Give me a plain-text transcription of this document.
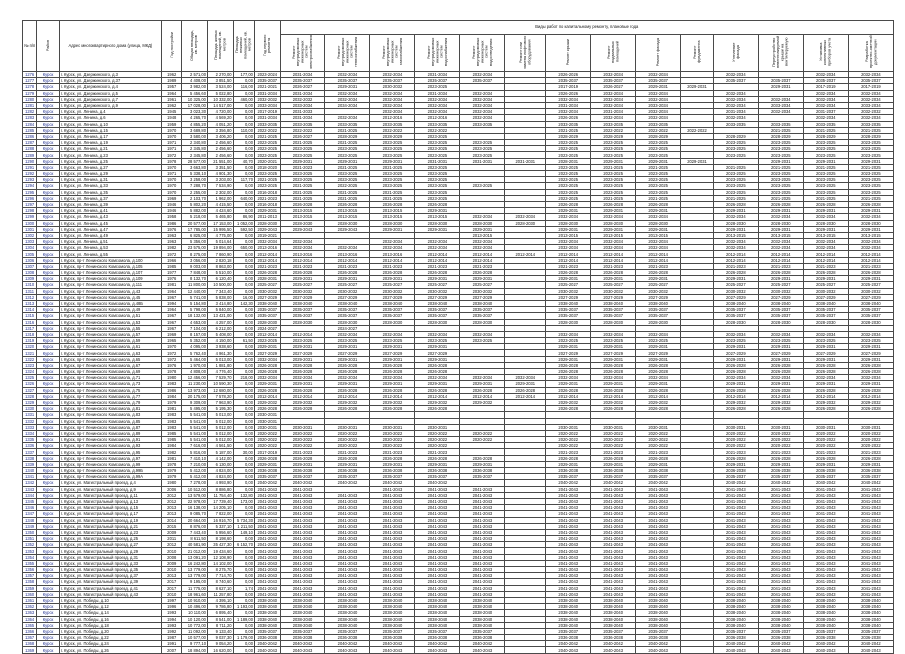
№ п/п	Район	Адрес многоквартирного дома (улица, МКД)	Год постройки	Общая площадь, кв. метров	Площадь жилых помещений, кв. метров	Площадь нежилых помещений, кв. метров	Год первого ремонта	Виды работ по капитальному ремонту, плановые года													
								Ремонт внутридомовых инженерных систем электроснабжения	Ремонт внутридомовых инженерных систем теплоснабжения	Ремонт внутридомовых инженерных систем газоснабжения	Ремонт внутридомовых инженерных систем водоснабжения	Ремонт внутридомовых инженерных систем водоотведения	Ремонт или замена лифтового оборудования	Ремонт крыши	Ремонт подвальных помещений	Ремонт фасада	Ремонт фундамента	Утепление фасада	Переустройство невентилируемой крыши на вентилируемую	Установка коллективных приборов учета	Разработка проектно-сметной документации

1276	Курск	г. Курск, ул. Дзержинского, д.3	1962	2 571,00	2 270,00	177,00	2023-2024	2031-2034	2032-2034	2032-2034	2031-2034	2032-2034		2026-2026	2032-2034	2032-2034		2032-2034		2032-2034	2032-2034
1277	Курск	г. Курск, ул. Дзержинского, д.37	1989	4 408,00	3 851,50	0,00	2035-2037	2035-2037	2035-2037	2035-2037	2035-2037	2035-2037		2035-2037	2035-2037	2035-2037		2035-2037	2035-2037	2035-2037	2035-2037
1278	Курск	г. Курск, ул. Дзержинского, д.4	1957	3 982,00	3 524,00	116,00	2021-2021	2026-2027	2029-2031	2030-2032	2023-2025			2017-2019	2026-2027	2029-2031	2029-2031		2029-2031	2017-2019	2017-2019
1279	Курск	г. Курск, ул. Дзержинского, д.5	1964	5 456,60	5 022,80	0,00	2031-2034	2031-2034	2032-2034	2032-2034	2031-2034	2032-2034		2026-2026	2032-2034	2032-2034		2032-2034		2032-2034	2032-2034
1280	Курск	г. Курск, ул. Дзержинского, д.7	1961	10 325,00	10 332,00	460,00	2032-2032	2032-2032	2032-2034	2032-2034	2032-2034	2032-2034		2032-2034	2032-2034	2032-2034		2032-2034	2032-2034	2032-2034	2032-2034
1281	Курск	г. Курск, ул. Дзержинского, д.9	1962	17 028,00	14 517,00	0,00	2033-2034	2033-2034	2034-2034	2032-2034	2032-2034	2032-2034		2031-2034	2032-2034	2033-2034		2032-2034	2033-2034	2032-2034	2033-2034
1282	Курск	г. Курск, ул. Ленина, д.4	1945	3 023,30	4 720,00	0,00	2017-2019	2031-2033		2032-2034	2032-2034	2032-2034		2032-2034	2031-2034	2032-2034		2031-2034	2032-2034	2031-2037	2032-2032
1283	Курск	г. Курск, ул. Ленина, д.6	1948	4 265,70	4 569,20	0,00	2031-2034	2031-2034	2032-2034	2012-2016	2012-2016	2032-2034		2026-2026	2032-2034	2032-2034		2032-2034		2032-2034	2032-2034
1284	Курск	г. Курск, ул. Ленина, д.10	1959	4 855,20	4 051,20	0,00	2033-2035	2033-2035	2033-2035	2033-2035	2033-2035	2033-2035		2033-2035	2033-2035	2033-2035		2033-2035	2033-2035	2033-2035	2033-2035
1285	Курск	г. Курск, ул. Ленина, д.15	1970	3 689,80	3 356,80	110,00	2022-2022	2022-2022	2021-2025	2022-2022	2022-2022			2021-2025	2022-2022	2022-2022	2022-2022		2021-2025	2021-2025	2021-2025
1286	Курск	г. Курск, ул. Ленина, д.17	1970	3 580,00	3 406,20	0,00	2021-2025	2026-2027	2028-2029	2028-2029	2023-2025			2028-2029	2028-2029	2028-2029		2028-2029	2028-2029	2028-2029	2028-2029
1287	Курск	г. Курск, ул. Ленина, д.19	1971	2 340,80	2 456,60	0,00	2023-2025	2021-2025	2021-2025	2023-2025	2023-2025	2023-2025		2023-2025	2023-2025	2023-2025		2023-2025	2023-2025	2023-2025	2023-2025
1288	Курск	г. Курск, ул. Ленина, д.21	1971	2 345,80	2 456,60	0,00	2023-2025	2023-2025	2023-2025	2023-2025	2023-2025	2023-2025		2023-2025	2023-2025	2023-2025		2023-2025	2023-2025	2023-2025	2023-2025
1289	Курск	г. Курск, ул. Ленина, д.23	1972	2 345,80	2 456,60	0,00	2023-2025	2023-2025	2023-2025	2023-2025	2023-2025	2023-2025		2023-2025	2023-2025	2023-2025		2023-2025	2023-2025	2023-2025	2023-2025
1290	Курск	г. Курск, ул. Ленина, д.25	1978	28 577,00	21 551,00	40,70	2020-2021	2029-2031	2029-2031	2029-2031	2031-2031	2031-2031	2031-2031	2028-2031	2029-2031	2029-2031	2029-2031		2029-2031	2029-2031	2029-2031
1291	Курск	г. Курск, ул. Ленина, д.27	1970	3 663,80	3 351,50	0,00	2018-2020	2021-2023	2021-2025	2021-2025	2023-2025			2023-2025	2021-2025	2021-2025		2021-2025	2021-2025	2021-2025	2021-2025
1292	Курск	г. Курск, ул. Ленина, д.29	1971	5 338,10	4 901,30	0,00	2023-2025	2023-2025	2023-2025	2023-2025	2023-2025			2023-2025	2023-2025	2023-2025		2023-2025	2023-2025	2023-2025	2023-2025
1293	Курск	г. Курск, ул. Ленина, д.31	1970	3 258,00	3 203,00	117,70	2021-2025	2023-2025	2023-2025	2023-2025	2023-2025			2023-2025	2023-2025	2023-2025		2023-2025	2023-2025	2023-2025	2023-2025
1294	Курск	г. Курск, ул. Ленина, д.33	1970	7 288,70	7 534,90	0,00	2023-2025	2021-2025	2022-2025	2023-2025	2023-2025	2023-2025		2023-2025	2023-2025	2023-2025		2023-2025	2023-2025	2023-2025	2023-2025
1295	Курск	г. Курск, ул. Ленина, д.35	1970	2 255,00	2 302,00	0,00	2016-2018	2021-2025	2021-2025	2021-2025	2023-2025			2023-2025	2023-2025	2023-2025		2023-2025	2023-2025	2023-2025	2023-2025
1296	Курск	г. Курск, ул. Ленина, д.37	1969	2 103,70	1 962,00	640,00	2021-2023	2021-2025	2021-2025	2021-2025	2023-2025			2023-2025	2021-2025	2021-2025		2021-2025	2021-2025	2021-2025	2021-2025
1297	Курск	г. Курск, ул. Ленина, д.39	1946	5 802,20	4 415,50	0,00	2016-2018	2026-2028	2026-2028	2026-2028	2026-2028			2026-2028	2026-2028	2026-2028		2026-2028	2026-2028	2026-2028	2026-2028
1298	Курск	г. Курск, ул. Ленина, д.41	1946	5 882,00	4 424,60	0,00	2029-2031	2013-2015	2013-2015	2013-2015	2029-2031			2029-2031	2029-2031	2029-2031		2029-2031	2029-2031	2029-2031	2029-2031
1299	Курск	г. Курск, ул. Ленина, д.43	1958	5 218,00	5 465,80	86,90	2011-2013	2013-2015	2013-2015	2013-2015	2013-2015	2032-2034	2032-2034	2032-2034	2032-2034	2032-2034		2032-2034	2032-2034	2032-2034	2032-2034
1300	Курск	г. Курск, ул. Ленина, д.45	1986	20 577,00	17 153,00	1 052,00	2028-2030	2028-2030	2028-2030	2028-2030	2028-2030	2028-2030	2028-2030	2028-2030	2028-2030	2028-2030		2028-2030	2028-2030	2028-2030	2028-2030
1301	Курск	г. Курск, ул. Ленина, д.47	1976	17 785,00	15 995,50	592,50	2029-2043	2029-2043	2029-2043	2029-2031	2029-2031	2029-2031		2029-2031	2029-2031	2029-2031		2029-2031	2029-2031	2029-2031	2029-2031
1302	Курск	г. Курск, ул. Ленина, д.49	1963	6 825,00	4 775,00	0,00	2019-2021					2013-2015		2013-2015	2013-2015	2013-2015		2013-2015	2013-2015	2013-2015	2013-2015
1303	Курск	г. Курск, ул. Ленина, д.51	1963	5 356,00	5 014,64	0,00	2032-2034	2032-2034		2032-2034	2032-2034	2032-2034		2032-2034	2032-2034	2032-2034		2032-2034	2032-2034	2032-2034	2032-2034
1304	Курск	г. Курск, ул. Ленина, д.53	1982	23 575,00	19 894,00	650,00	2013-2016	2032-2034	2032-2034	2032-2034	2032-2034	2032-2034		2032-2034	2032-2034	2032-2034		2032-2034	2032-2034	2032-2034	2032-2034
1305	Курск	г. Курск, ул. Ленина, д.55	1972	8 275,00	7 860,90	0,00	2012-2014	2013-2016	2013-2016	2013-2016	2012-2014	2012-2014	2012-2014	2012-2014	2012-2014	2012-2014		2012-2014	2012-2014	2012-2014	2012-2014
1306	Курск	г. Курск, пр-т Ленинского Комсомола, д.100	1966	3 056,00	2 820,18	0,00	2012-2014	2012-2014	2012-2014	2012-2014	2012-2014	2012-2014		2012-2014	2012-2014	2012-2014		2012-2014	2012-2014	2012-2014	2012-2014
1307	Курск	г. Курск, пр-т Ленинского Комсомола, д.105	1985	9 003,00	8 863,00	0,00	2021-2023	2021-2023	2021-2023	2021-2023	2021-2023	2021-2023		2021-2023	2021-2023	2021-2023		2021-2023	2021-2023	2021-2023	2021-2023
1308	Курск	г. Курск, пр-т Ленинского Комсомола, д.107	1977	7 848,00	5 510,00	0,00	2026-2028	2026-2028	2026-2028	2026-2028	2026-2028	2026-2028		2026-2028	2026-2028	2026-2028		2026-2028	2026-2028	2026-2028	2026-2028
1309	Курск	г. Курск, пр-т Ленинского Комсомола, д.109	1976	8 132,70	6 120,40	0,00	2028-2031	2029-2031	2029-2031	2029-2031	2029-2031	2029-2031		2029-2031	2029-2031	2029-2031		2029-2031	2029-2031	2029-2031	2029-2031
1310	Курск	г. Курск, пр-т Ленинского Комсомола, д.111	1981	11 800,00	10 500,00	0,00	2025-2027	2025-2027	2025-2027	2025-2027	2025-2027	2025-2027		2025-2027	2025-2027	2025-2027		2025-2027	2025-2027	2025-2027	2025-2027
1311	Курск	г. Курск, пр-т Ленинского Комсомола, д.43	1964	12 440,00	7 343,40	0,00	2030-2032	2030-2032	2030-2032	2030-2032	2030-2032	2030-2032		2030-2032	2030-2032	2030-2032		2030-2032	2030-2032	2030-2032	2030-2032
1312	Курск	г. Курск, пр-т Ленинского Комсомола, д.45	1967	5 741,00	5 838,00	16,00	2027-2029	2027-2029	2027-2029	2027-2029	2027-2029	2027-2029		2027-2029	2027-2029	2027-2029		2027-2029	2027-2029	2027-2029	2027-2029
1313	Курск	г. Курск, пр-т Ленинского Комсомола, д.48Б	1994	5 154,80	3 414,80	142,30	2038-2040	2038-2040	2038-2040	2038-2040	2038-2040	2038-2040		2038-2040	2038-2040	2038-2040		2038-2040	2038-2040	2038-2040	2038-2040
1314	Курск	г. Курск, пр-т Ленинского Комсомола, д.49	1964	5 798,00	5 840,00	0,00	2035-2037	2035-2037	2035-2037	2035-2037	2035-2037	2035-2037		2035-2037	2035-2037	2035-2037		2035-2037	2035-2037	2035-2037	2035-2037
1315	Курск	г. Курск, пр-т Ленинского Комсомола, д.51	1967	18 132,00	13 421,00	0,00	2035-2037	2035-2037	2035-2037	2035-2037	2035-2037	2035-2037		2035-2037	2035-2037	2035-2037		2035-2037	2035-2037	2035-2037	2035-2037
1316	Курск	г. Курск, пр-т Ленинского Комсомола, д.53	1967	4 653,00	4 257,00	0,00	2028-2030	2028-2030	2028-2030	2028-2030	2028-2030	2028-2030		2028-2030	2028-2030	2028-2030		2028-2030	2028-2030	2028-2030	2028-2030
1317	Курск	г. Курск, пр-т Ленинского Комсомола, д.55	1967	7 104,00	6 212,00	0,00	2024-2027		2024-2027												
1318	Курск	г. Курск, пр-т Ленинского Комсомола, д.57	1969	8 157,00	5 408,00	0,00	2012-2014	2012-2014	2032-2034	2032-2034	2032-2034	2032-2034		2032-2034	2032-2034	2032-2034		2032-2034	2032-2034	2032-2034	2032-2034
1319	Курск	г. Курск, пр-т Ленинского Комсомола, д.59	1965	5 352,00	4 150,00	61,50	2023-2025	2023-2025	2023-2025	2023-2025	2023-2025	2023-2025		2023-2025	2023-2025	2023-2025		2023-2025	2023-2025	2023-2025	2023-2025
1320	Курск	г. Курск, пр-т Ленинского Комсомола, д.61	1970	4 095,00	3 938,60	0,00	2029-2031	2029-2031	2029-2031	2029-2031	2029-2031			2029-2031	2029-2031	2029-2031		2029-2031	2029-2031	2029-2031	2029-2031
1321	Курск	г. Курск, пр-т Ленинского Комсомола, д.63	1972	5 762,40	4 961,30	0,00	2027-2029	2027-2029	2027-2029	2027-2029	2027-2029			2027-2029	2027-2029	2027-2029		2027-2029	2027-2029	2027-2029	2027-2029
1322	Курск	г. Курск, пр-т Ленинского Комсомола, д.65	1972	5 464,00	5 013,00	0,00	2032-2034	2029-2031	2029-2031	2029-2031	2029-2031			2029-2031	2029-2031	2029-2031		2029-2031	2029-2031	2029-2031	2029-2031
1323	Курск	г. Курск, пр-т Ленинского Комсомола, д.67	1976	1 970,00	1 881,80	0,00	2026-2028	2026-2028	2026-2028	2026-2028	2026-2028			2026-2028	2026-2028	2026-2028		2026-2028	2026-2028	2026-2028	2026-2028
1324	Курск	г. Курск, пр-т Ленинского Комсомола, д.69	1978	4 808,00	4 776,40	0,00	2026-2028	2026-2028	2026-2028	2026-2028	2026-2028			2026-2028	2026-2028	2026-2028		2026-2028	2026-2028	2026-2028	2026-2028
1325	Курск	г. Курск, пр-т Ленинского Комсомола, д.71	1980	12 456,00	7 529,70	218,00	2032-2034	2032-2034	2032-2034	2032-2034	2032-2034	2032-2034	2032-2034	2032-2034	2032-2034	2032-2034		2032-2034	2032-2034	2032-2034	2032-2034
1326	Курск	г. Курск, пр-т Ленинского Комсомола, д.73	1983	11 230,00	10 590,30	0,00	2029-2031	2029-2031	2029-2031	2029-2031	2029-2031	2029-2031	2029-2031	2029-2031	2029-2031	2029-2031		2029-2031	2029-2031	2029-2031	2029-2031
1327	Курск	г. Курск, пр-т Ленинского Комсомола, д.75	1986	13 973,00	12 680,00	0,00	2026-2028	2026-2028	2026-2028	2026-2028	2026-2028	2026-2028	2026-2028	2026-2028	2026-2028	2026-2028		2026-2028	2026-2028	2026-2028	2026-2028
1328	Курск	г. Курск, пр-т Ленинского Комсомола, д.77	1984	20 175,00	7 578,20	0,00	2012-2014	2012-2014	2012-2014	2012-2014	2012-2014	2012-2014	2012-2014	2012-2014	2012-2014	2012-2014		2012-2014	2012-2014	2012-2014	2012-2014
1329	Курск	г. Курск, пр-т Ленинского Комсомола, д.79	1979	9 309,00	7 963,90	0,00	2029-2032	2029-2032	2029-2032	2029-2032	2029-2032	2029-2032		2029-2032	2029-2032	2029-2032		2029-2032	2029-2032	2029-2032	2029-2032
1330	Курск	г. Курск, пр-т Ленинского Комсомола, д.81	1981	5 495,00	5 195,30	0,00	2026-2028	2026-2028	2026-2028	2026-2028	2026-2028			2026-2028	2026-2028	2026-2028		2026-2028	2026-2028	2026-2028	2026-2028
1331	Курск	г. Курск, пр-т Ленинского Комсомола, д.83	1983	5 541,00	5 013,00	0,00	2030-2031														
1332	Курск	г. Курск, пр-т Ленинского Комсомола, д.85	1983	5 541,00	5 012,00	0,00	2030-2031														
1333	Курск	г. Курск, пр-т Ленинского Комсомола, д.87	1983	5 541,00	5 012,00	0,00	2030-2031	2030-2031	2030-2031	2030-2031	2030-2031			2030-2031	2030-2031	2030-2031		2030-2031	2030-2031	2030-2031	2030-2031
1334	Курск	г. Курск, пр-т Ленинского Комсомола, д.89	1985	5 541,00	5 012,00	0,00	2020-2022	2020-2022	2020-2022	2020-2022	2020-2022	2020-2022		2020-2022	2020-2022	2020-2022		2020-2022	2020-2022	2020-2022	2020-2022
1335	Курск	г. Курск, пр-т Ленинского Комсомола, д.91	1985	5 541,00	5 012,00	0,00	2020-2022	2020-2022	2020-2022	2020-2022	2020-2022	2020-2022		2020-2022	2020-2022	2020-2022		2020-2022	2020-2022	2020-2022	2020-2022
1336	Курск	г. Курск, пр-т Ленинского Комсомола, д.93	1984	7 616,00	4 561,50	0,00	2020-2022	2020-2022	2020-2022	2020-2022	2020-2022			2020-2022	2020-2022	2020-2022		2020-2022	2020-2022	2020-2022	2020-2022
1337	Курск	г. Курск, пр-т Ленинского Комсомола, д.95	1982	5 816,00	5 187,00	30,00	2017-2019	2021-2023	2021-2023	2021-2023	2021-2023			2021-2023	2021-2023	2021-2023		2021-2023	2021-2023	2021-2023	2021-2023
1338	Курск	г. Курск, пр-т Ленинского Комсомола, д.97	1981	7 410,10	4 142,00	0,00	2026-2028	2026-2028	2026-2028	2026-2028	2026-2028	2026-2028		2026-2028	2026-2028	2026-2028		2026-2028	2026-2028	2026-2028	2026-2028
1339	Курск	г. Курск, пр-т Ленинского Комсомола, д.99	1978	7 210,00	6 130,00	0,00	2029-2031	2029-2031	2029-2031	2029-2031	2029-2031	2029-2031		2029-2031	2029-2031	2029-2031		2029-2031	2029-2031	2029-2031	2029-2031
1340	Курск	г. Курск, пр-т Ленинского Комсомола, д.99Б	1979	5 412,00	4 824,00	0,00	2036-2038	2036-2038	2036-2038	2036-2038	2036-2038	2036-2038		2036-2038	2036-2038	2036-2038		2036-2038	2036-2038	2036-2038	2036-2038
1341	Курск	г. Курск, пр-т Ленинского Комсомола, д.99А	1979	5 412,00	4 824,00	0,00	2035-2037	2035-2037	2035-2037	2035-2037	2035-2037	2035-2037		2035-2037	2035-2037	2035-2037		2035-2037	2035-2037	2035-2037	2035-2037
1342	Курск	г. Курск, ул. Магистральный проезд, д.4	1980	7 278,00	4 993,90	0,00	2040-2042	2040-2042	2040-2042	2040-2042	2040-2042			2040-2042	2040-2042	2040-2042		2040-2042	2040-2042	2040-2042	2040-2042
1343	Курск	г. Курск, ул. Магистральный проезд, д.9	2006	10 512,00	8 886,80	0,00	2041-2043	2041-2043		2041-2043	2041-2043	2041-2043		2041-2043	2041-2043	2041-2043		2041-2043	2041-2043	2041-2043	2041-2043
1344	Курск	г. Курск, ул. Магистральный проезд, д.11	2012	13 579,00	11 754,40	132,80	2041-2043	2041-2043	2041-2043	2041-2043	2041-2043	2041-2043		2041-2043	2041-2043	2041-2043		2041-2043	2041-2043	2041-2043	2041-2043
1345	Курск	г. Курск, ул. Магистральный проезд, д.13	2012	22 978,00	17 739,40	173,00	2041-2043	2041-2043	2041-2043	2041-2043	2041-2043	2041-2043		2041-2043	2041-2043	2041-2043		2041-2043	2041-2043	2041-2043	2041-2043
1346	Курск	г. Курск, ул. Магистральный проезд, д.15	2013	16 138,00	14 205,10	0,00	2041-2043	2041-2043	2041-2043	2041-2043	2041-2043	2041-2043		2041-2043	2041-2043	2041-2043		2041-2043	2041-2043	2041-2043	2041-2043
1347	Курск	г. Курск, ул. Магистральный проезд, д.17	2013	9 085,70	7 822,00	0,00	2041-2043	2041-2043	2041-2043	2041-2043	2041-2043	2041-2043		2041-2043	2041-2043	2041-2043		2041-2043	2041-2043	2041-2043	2041-2043
1348	Курск	г. Курск, ул. Магистральный проезд, д.19	2014	20 664,00	16 916,70	5 734,30	2041-2043	2041-2043	2041-2043	2041-2043	2041-2043	2041-2043		2041-2043	2041-2043	2041-2043		2041-2043	2041-2043	2041-2043	2041-2043
1349	Курск	г. Курск, ул. Магистральный проезд, д.21	2015	8 876,00	5 337,10	1 211,50	2041-2043	2041-2043	2041-2043	2041-2043	2041-2043	2041-2043		2041-2043	2041-2043	2041-2043		2041-2043	2041-2043	2041-2043	2041-2043
1350	Курск	г. Курск, ул. Магистральный проезд, д.23	2009	7 443,40	5 956,60	149,10	2041-2043	2041-2043	2041-2043	2041-2043	2041-2043	2041-2043		2041-2043	2041-2043	2041-2043		2041-2043	2041-2043	2041-2043	2041-2043
1351	Курск	г. Курск, ул. Магистральный проезд, д.25	2011	8 611,50	8 198,60	0,00	2041-2043	2041-2043	2041-2043	2041-2043	2041-2043	2041-2043		2041-2043	2041-2043	2041-2043		2041-2043	2041-2043	2041-2043	2041-2043
1352	Курск	г. Курск, ул. Магистральный проезд, д.27	2012	40 581,90	35 427,30	6 152,70	2041-2043	2041-2043	2041-2043	2041-2043	2041-2043	2041-2043		2041-2043	2041-2043	2041-2043		2041-2043	2041-2043	2041-2043	2041-2043
1353	Курск	г. Курск, ул. Магистральный проезд, д.29	2010	21 012,00	19 434,60	0,00	2041-2043	2041-2043	2041-2043	2041-2043	2041-2043	2041-2043		2041-2043	2041-2043	2041-2043		2041-2043	2041-2043	2041-2043	2041-2043
1354	Курск	г. Курск, ул. Магистральный проезд, д.31	2008	13 091,20	12 108,90	0,00	2041-2043	2041-2043	2041-2043	2041-2043	2041-2043	2041-2043		2041-2043	2041-2043	2041-2043		2041-2043	2041-2043	2041-2043	2041-2043
1355	Курск	г. Курск, ул. Магистральный проезд, д.33	2009	16 242,80	14 102,00	0,00	2041-2043	2041-2043	2041-2043	2041-2043	2041-2043	2041-2043		2041-2043	2041-2043	2041-2043		2041-2043	2041-2043	2041-2043	2041-2043
1356	Курск	г. Курск, ул. Магистральный проезд, д.35	2010	13 779,00	8 275,70	0,00	2041-2043	2041-2043	2041-2043	2041-2043	2041-2043	2041-2043		2041-2043	2041-2043	2041-2043		2041-2043	2041-2043	2041-2043	2041-2043
1357	Курск	г. Курск, ул. Магистральный проезд, д.37	2013	13 779,00	7 714,70	0,00	2041-2043	2041-2043	2041-2043	2041-2043	2041-2043	2041-2043		2041-2043	2041-2043	2041-2043		2041-2043	2041-2043	2041-2043	2041-2043
1358	Курск	г. Курск, ул. Магистральный проезд, д.39	2017	9 195,00	8 740,60	0,00	2041-2043	2041-2043	2041-2043	2041-2043	2041-2043	2041-2043		2041-2043	2041-2043	2041-2043		2041-2043	2041-2043	2041-2043	2041-2043
1359	Курск	г. Курск, ул. Магистральный проезд, д.41	2017	11 775,00	8 627,10	1,74	2041-2043	2041-2043	2041-2043	2041-2043	2041-2043	2041-2043		2041-2043	2041-2043	2041-2043		2041-2043	2041-2043	2041-2043	2041-2043
1360	Курск	г. Курск, ул. Магистральный проезд, д.43	2010	18 961,60	11 257,80	0,00	2041-2043	2041-2043	2041-2043	2041-2043	2041-2043	2041-2043		2041-2043	2041-2043	2041-2043		2041-2043	2041-2043	2041-2043	2041-2043
1361	Курск	г. Курск, ул. Победы, д.10	1997	10 910,00	4 395,10	0,00	2038-2040	2038-2040	2038-2040	2038-2040	2038-2040	2038-2040		2038-2040	2038-2040	2038-2040		2038-2040	2038-2040	2038-2040	2038-2040
1362	Курск	г. Курск, ул. Победы, д.12	1996	10 496,00	9 786,80	1 193,00	2038-2040	2038-2040	2038-2040	2038-2040	2038-2040	2038-2040		2038-2040	2038-2040	2038-2040		2038-2040	2038-2040	2038-2040	2038-2040
1363	Курск	г. Курск, ул. Победы, д.14	1993	10 110,00	6 895,40	0,00	2038-2040	2038-2040	2038-2040	2038-2040	2038-2040	2038-2040		2038-2040	2038-2040	2038-2040		2038-2040	2038-2040	2038-2040	2038-2040
1364	Курск	г. Курск, ул. Победы, д.16	1994	10 120,00	8 541,00	1 189,00	2038-2040	2038-2040	2038-2040	2038-2040	2038-2040	2038-2040		2038-2040	2038-2040	2038-2040		2038-2040	2038-2040	2038-2040	2038-2040
1365	Курск	г. Курск, ул. Победы, д.18	1993	10 772,00	8 711,20	0,00	2038-2040	2038-2040	2038-2040	2038-2040	2038-2040	2038-2040		2038-2040	2038-2040	2038-2040		2038-2040	2038-2040	2038-2040	2038-2040
1366	Курск	г. Курск, ул. Победы, д.20	1992	11 092,00	9 133,40	0,00	2035-2037	2035-2037	2035-2037	2035-2037	2035-2037	2035-2037		2035-2037	2035-2037	2035-2037		2035-2037	2035-2037	2035-2037	2035-2037
1367	Курск	г. Курск, ул. Победы, д.22	1987	10 577,00	9 037,30	1 179,00	2036-2038	2036-2038	2036-2038	2036-2038	2036-2038	2036-2038		2036-2038	2036-2038	2036-2038		2036-2038	2036-2038	2036-2038	2036-2038
1368	Курск	г. Курск, ул. Победы, д.24	1991	9 777,10	9 054,20	0,00	2040-2042	2040-2042	2040-2042	2040-2042	2040-2042	2040-2042		2040-2042	2040-2042	2040-2042		2040-2042	2040-2042	2040-2042	2040-2042
1369	Курск	г. Курск, ул. Победы, д.26	2007	18 894,00	16 620,00	0,00	2040-2043	2040-2043	2040-2043	2040-2043	2040-2043	2040-2043		2040-2043	2040-2043	2040-2043		2040-2043	2040-2043	2040-2043	2040-2043
